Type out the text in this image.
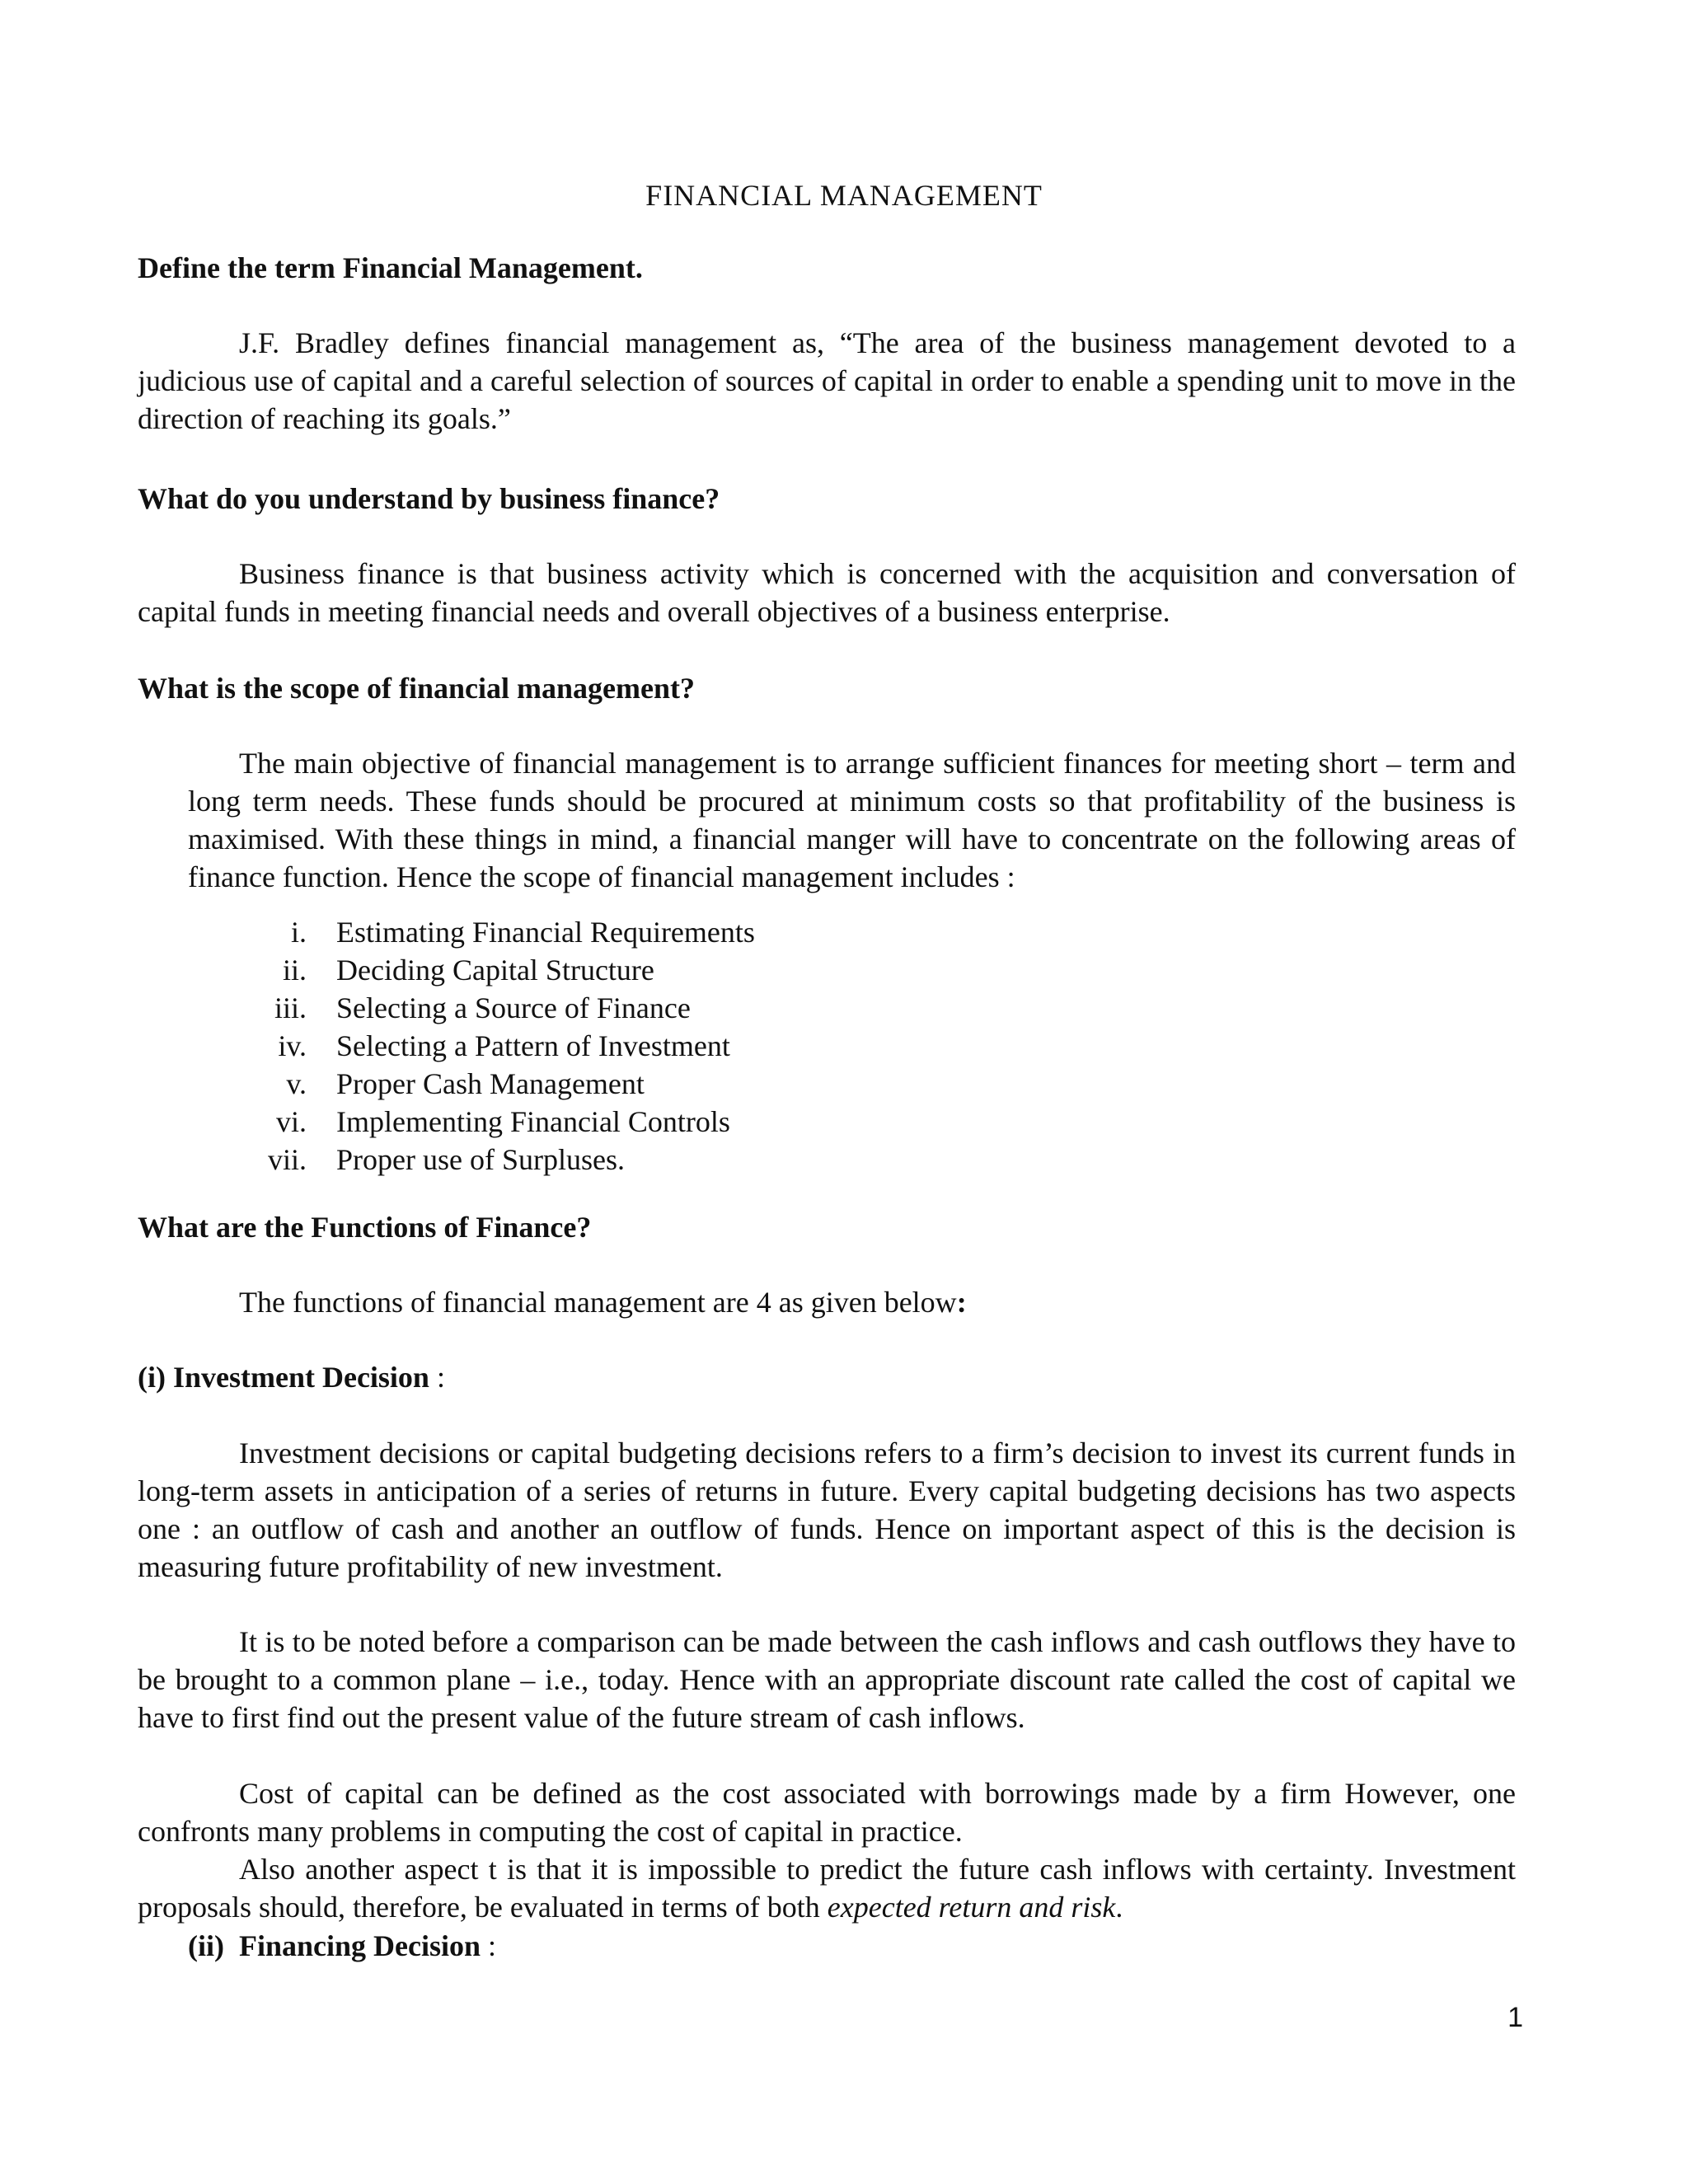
FINANCIAL MANAGEMENT
Define the term Financial Management.
J.F. Bradley defines financial management as, “The area of the business management devoted to a judicious use of capital and a careful selection of sources of capital in order to enable a spending unit to move in the direction of reaching its goals.”
What do you understand by business finance?
Business finance is that business activity which is concerned with the acquisition and conversation of capital funds in meeting financial needs and overall objectives of a business enterprise.
What is the scope of financial management?
The main objective of financial management is to arrange sufficient finances for meeting short – term and long term needs. These funds should be procured at minimum costs so that profitability of the business is maximised. With these things in mind, a financial manger will have to concentrate on the following areas of finance function. Hence the scope of financial management includes :
i. Estimating Financial Requirements
ii. Deciding Capital Structure
iii. Selecting a Source of Finance
iv. Selecting a Pattern of Investment
v. Proper Cash Management
vi. Implementing Financial Controls
vii. Proper use of Surpluses.
What are the Functions of Finance?
The functions of financial management are 4 as given below:
(i) Investment Decision :
Investment decisions or capital budgeting decisions refers to a firm’s decision to invest its current funds in long-term assets in anticipation of a series of returns in future. Every capital budgeting decisions has two aspects one : an outflow of cash and another an outflow of funds. Hence on important aspect of this is the decision is measuring future profitability of new investment.
It is to be noted before a comparison can be made between the cash inflows and cash outflows they have to be brought to a common plane – i.e., today. Hence with an appropriate discount rate called the cost of capital we have to first find out the present value of the future stream of cash inflows.
Cost of capital can be defined as the cost associated with borrowings made by a firm However, one confronts many problems in computing the cost of capital in practice.
Also another aspect t is that it is impossible to predict the future cash inflows with certainty. Investment proposals should, therefore, be evaluated in terms of both expected return and risk.
(ii)  Financing Decision :
1
